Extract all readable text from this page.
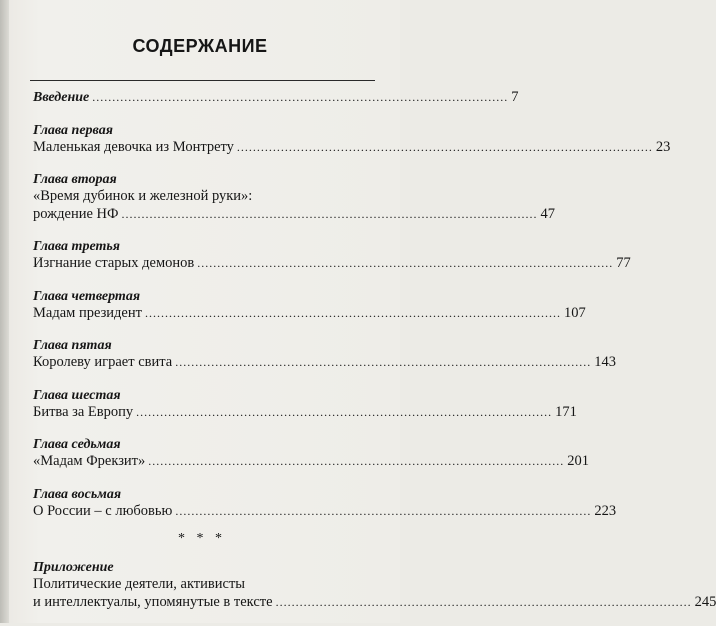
СОДЕРЖАНИЕ
Введение ........................................................................................................ 7
Глава первая
Маленькая девочка из Монтрету ........................................................................................................ 23
Глава вторая
«Время дубинок и железной руки»:
рождение НФ ........................................................................................................ 47
Глава третья
Изгнание старых демонов ........................................................................................................ 77
Глава четвертая
Мадам президент ........................................................................................................ 107
Глава пятая
Королеву играет свита ........................................................................................................ 143
Глава шестая
Битва за Европу ........................................................................................................ 171
Глава седьмая
«Мадам Фрекзит» ........................................................................................................ 201
Глава восьмая
О России – с любовью ........................................................................................................ 223
* * *
Приложение
Политические деятели, активисты
и интеллектуалы, упомянутые в тексте ........................................................................................................ 245
